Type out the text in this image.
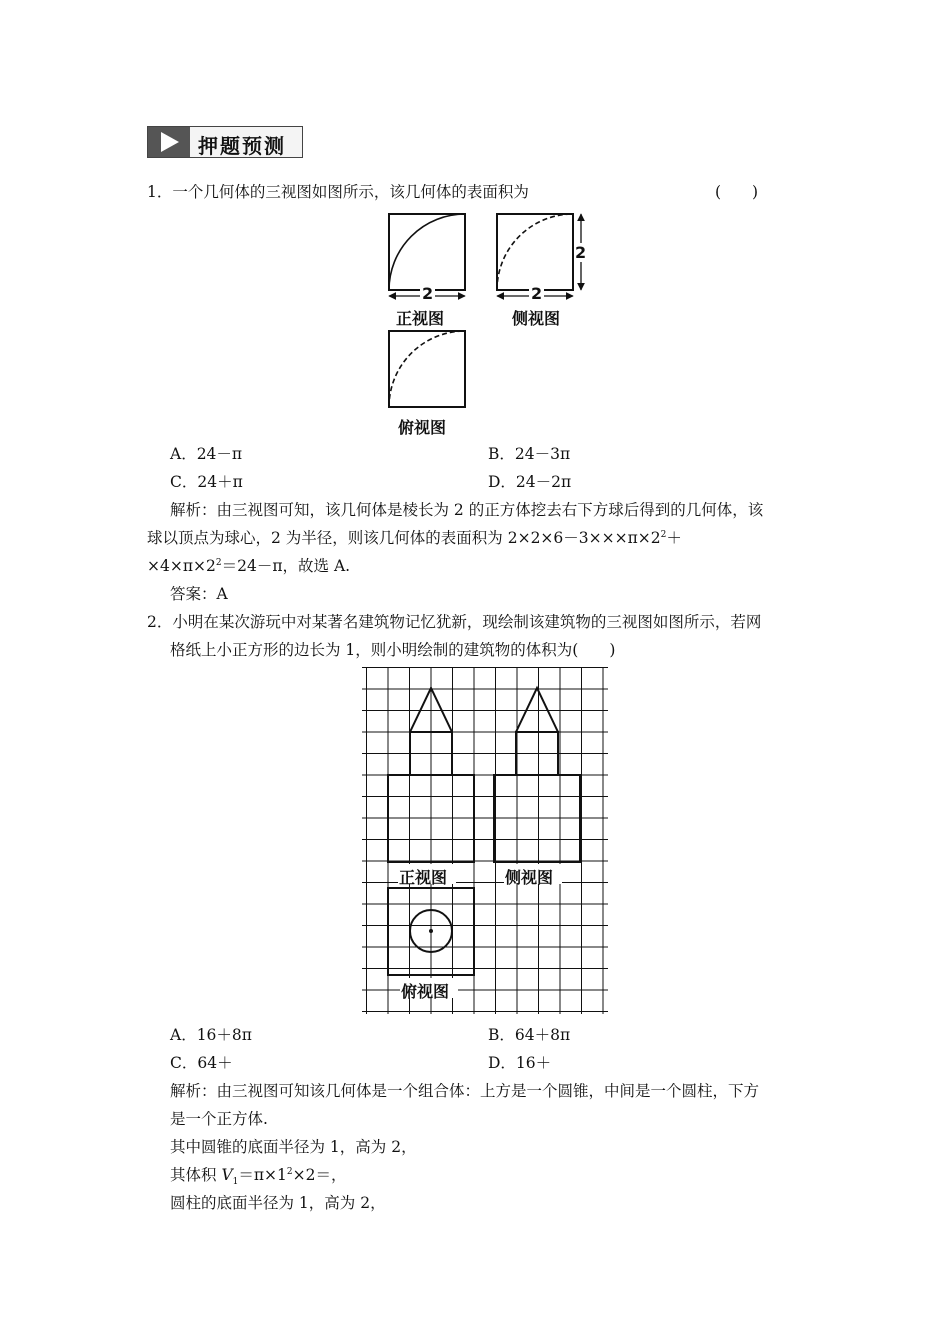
押题预测
1．一个几何体的三视图如图所示，该几何体的表面积为	(　　)
2	2
2
正视图	侧视图
俯视图
A．24－π	B．24－3π
C．24＋π	D．24－2π
解析：由三视图可知，该几何体是棱长为 2 的正方体挖去右下方球后得到的几何体，该
球以顶点为球心，2 为半径，则该几何体的表面积为 $2\times 2\times 6-3\times\times\times\pi\times 2^2+$
$\times 4\times\pi\times 2^2=24-\pi$，故选 A.
答案：A
2．小明在某次游玩中对某著名建筑物记忆犹新，现绘制该建筑物的三视图如图所示，若网
格纸上小正方形的边长为 1，则小明绘制的建筑物的体积为(　　)
正视图	侧视图
俯视图
A．16＋8π	B．64＋8π
C．64＋	D．16＋
解析：由三视图可知该几何体是一个组合体：上方是一个圆锥，中间是一个圆柱，下方
是一个正方体.
其中圆锥的底面半径为 1，高为 2，
其体积 $V_1=\pi\times 1^2\times 2=$，
圆柱的底面半径为 1，高为 2，
